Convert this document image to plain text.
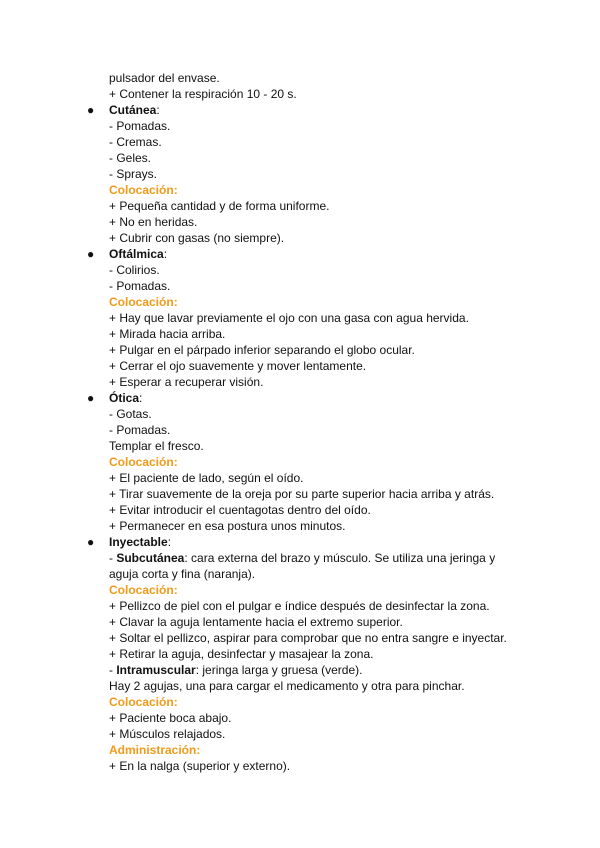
pulsador del envase.
+ Contener la respiración 10 - 20 s.
● Cutánea:
- Pomadas.
- Cremas.
- Geles.
- Sprays.
Colocación:
+ Pequeña cantidad y de forma uniforme.
+ No en heridas.
+ Cubrir con gasas (no siempre).
● Oftálmica:
- Colirios.
- Pomadas.
Colocación:
+ Hay que lavar previamente el ojo con una gasa con agua hervida.
+ Mirada hacia arriba.
+ Pulgar en el párpado inferior separando el globo ocular.
+ Cerrar el ojo suavemente y mover lentamente.
+ Esperar a recuperar visión.
● Ótica:
- Gotas.
- Pomadas.
Templar el fresco.
Colocación:
+ El paciente de lado, según el oído.
+ Tirar suavemente de la oreja por su parte superior hacia arriba y atrás.
+ Evitar introducir el cuentagotas dentro del oído.
+ Permanecer en esa postura unos minutos.
● Inyectable:
- Subcutánea: cara externa del brazo y músculo. Se utiliza una jeringa y aguja corta y fina (naranja).
Colocación:
+ Pellizco de piel con el pulgar e índice después de desinfectar la zona.
+ Clavar la aguja lentamente hacia el extremo superior.
+ Soltar el pellizco, aspirar para comprobar que no entra sangre e inyectar.
+ Retirar la aguja, desinfectar y masajear la zona.
- Intramuscular: jeringa larga y gruesa (verde).
Hay 2 agujas, una para cargar el medicamento y otra para pinchar.
Colocación:
+ Paciente boca abajo.
+ Músculos relajados.
Administración:
+ En la nalga (superior y externo).
